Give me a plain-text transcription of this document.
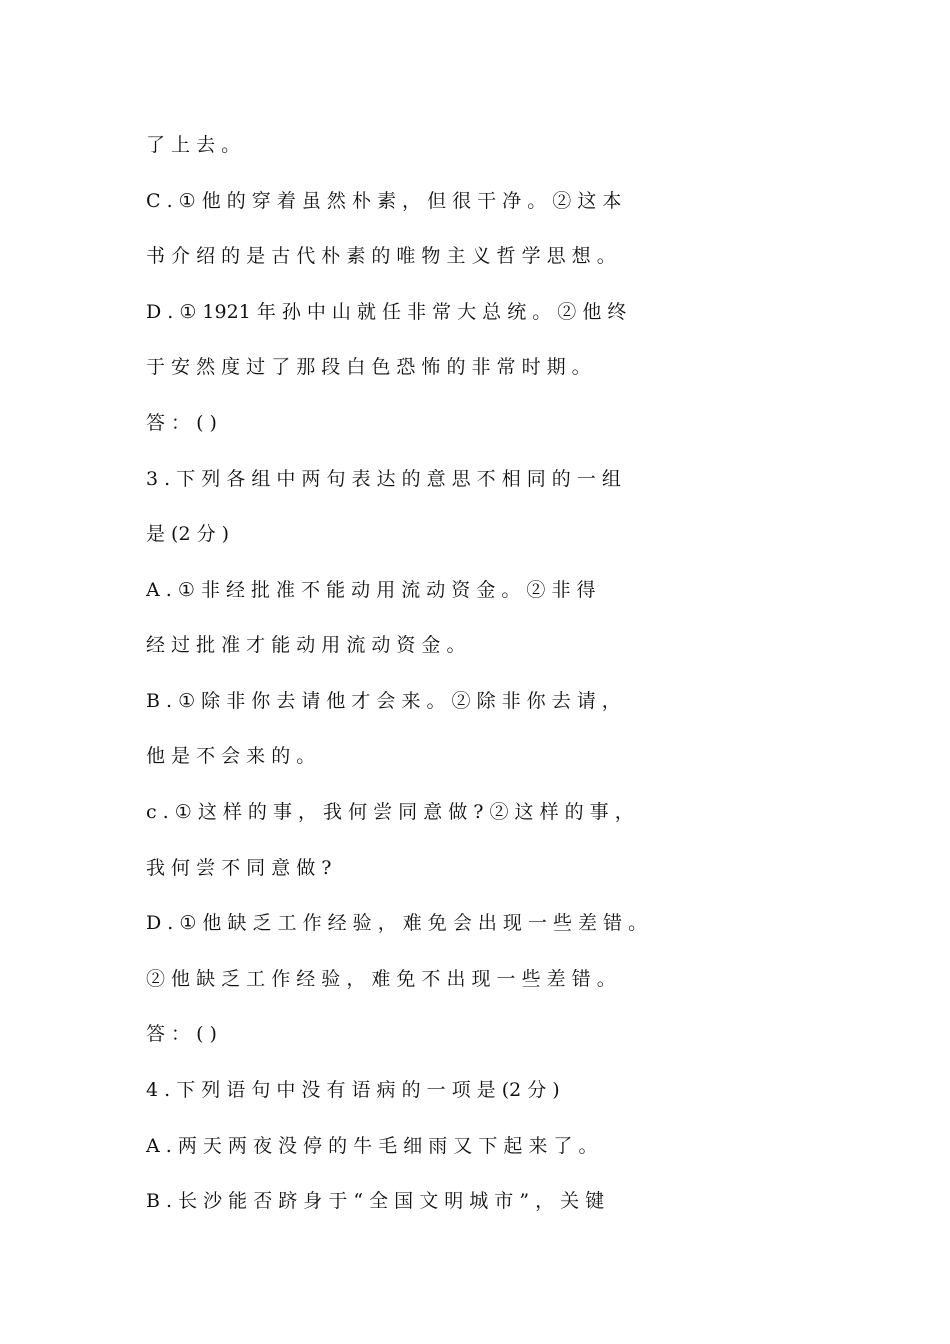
了 上 去 。

C . ① 他 的 穿 着 虽 然 朴 素 ， 但 很 干 净 。 ② 这 本

书 介 绍 的 是 古 代 朴 素 的 唯 物 主 义 哲 学 思 想 。

D . ① 1921 年 孙 中 山 就 任 非 常 大 总 统 。 ② 他 终

于 安 然 度 过 了 那 段 白 色 恐 怖 的 非 常 时 期 。

答 ： ( )

3 . 下 列 各 组 中 两 句 表 达 的 意 思 不 相 同 的 一 组

是 (2 分 )

A . ① 非 经 批 准 不 能 动 用 流 动 资 金 。 ② 非 得

经 过 批 准 才 能 动 用 流 动 资 金 。

B . ① 除 非 你 去 请 他 才 会 来 。 ② 除 非 你 去 请 ，

他 是 不 会 来 的 。

c . ① 这 样 的 事 ， 我 何 尝 同 意 做 ? ② 这 样 的 事 ，

我 何 尝 不 同 意 做 ?

D . ① 他 缺 乏 工 作 经 验 ， 难 免 会 出 现 一 些 差 错 。

② 他 缺 乏 工 作 经 验 ， 难 免 不 出 现 一 些 差 错 。

答 ： ( )

4 . 下 列 语 句 中 没 有 语 病 的 一 项 是 (2 分 )

A . 两 天 两 夜 没 停 的 牛 毛 细 雨 又 下 起 来 了 。

B . 长 沙 能 否 跻 身 于 “ 全 国 文 明 城 市 ” ， 关 键
